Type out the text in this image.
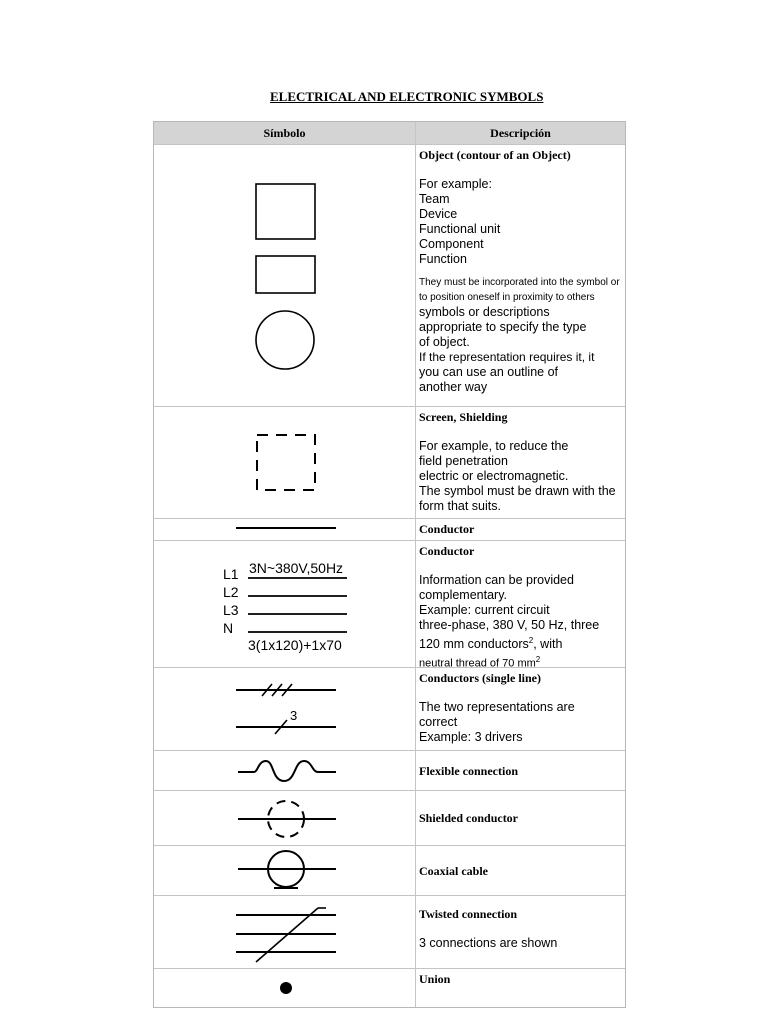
ELECTRICAL AND ELECTRONIC SYMBOLS
Símbolo	Descripción
Object (contour of an Object)
For example:
Team
Device
Functional unit
Component
Function
They must be incorporated into the symbol or
to position oneself in proximity to others
symbols or descriptions
appropriate to specify the type
of object.
If the representation requires it, it
you can use an outline of
another way
Screen, Shielding
For example, to reduce the
field penetration
electric or electromagnetic.
The symbol must be drawn with the
form that suits.
Conductor
3N~380V,50Hz
L1
L2
L3
N
3(1x120)+1x70
Conductor
Information can be provided
complementary.
Example: current circuit
three-phase, 380 V, 50 Hz, three
120 mm conductors$^2$, with
neutral thread of 70 $mm^2$
3
Conductors (single line)
The two representations are
correct
Example: 3 drivers
Flexible connection
Shielded conductor
Coaxial cable
Twisted connection
3 connections are shown
Union
